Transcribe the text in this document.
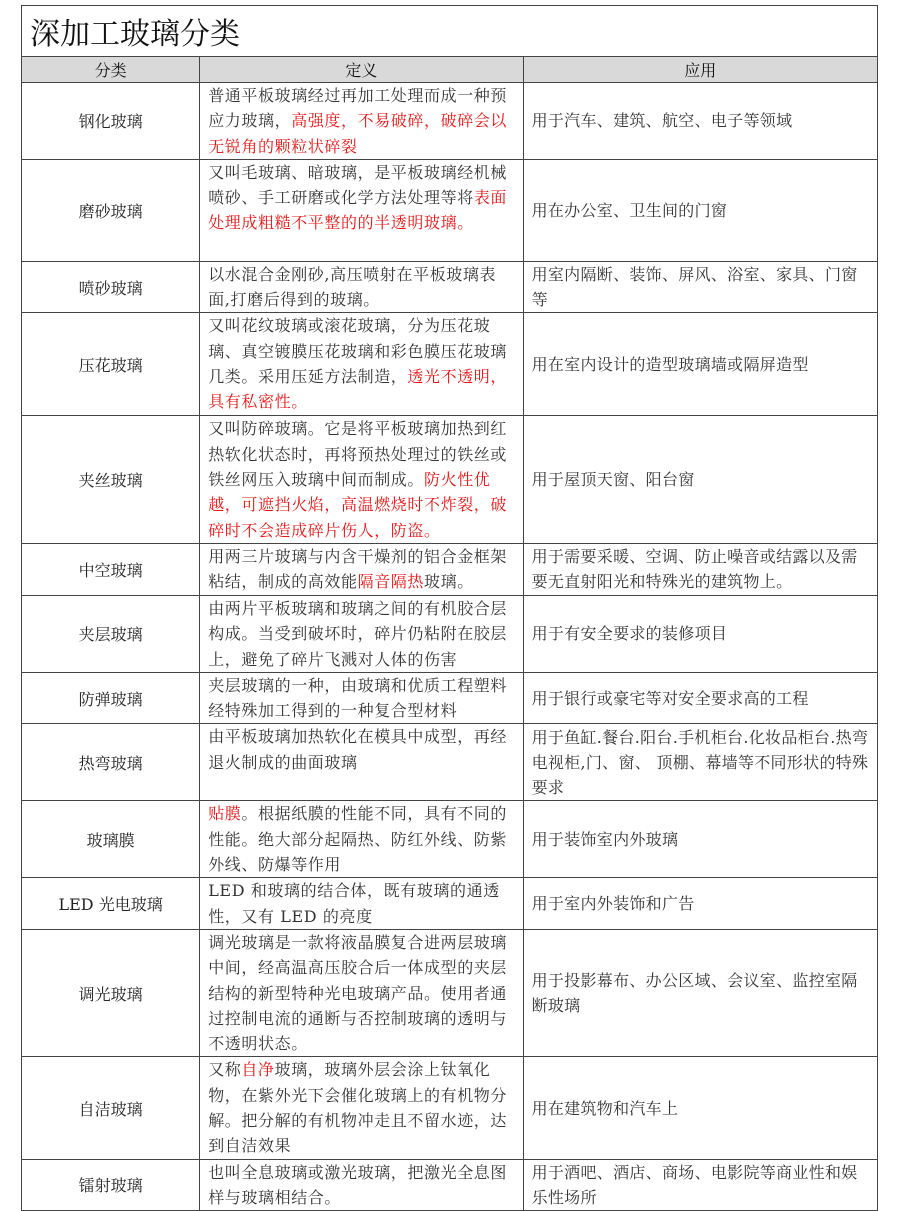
深加工玻璃分类		
分类	定义	应用
钢化玻璃	普通平板玻璃经过再加工处理而成一种预应力玻璃，高强度，不易破碎，破碎会以无锐角的颗粒状碎裂	用于汽车、建筑、航空、电子等领域
磨砂玻璃	又叫毛玻璃、暗玻璃，是平板玻璃经机械喷砂、手工研磨或化学方法处理等将表面处理成粗糙不平整的的半透明玻璃。	用在办公室、卫生间的门窗
喷砂玻璃	以水混合金刚砂,高压喷射在平板玻璃表面,打磨后得到的玻璃。	用室内隔断、装饰、屏风、浴室、家具、门窗等
压花玻璃	又叫花纹玻璃或滚花玻璃，分为压花玻璃、真空镀膜压花玻璃和彩色膜压花玻璃几类。采用压延方法制造，透光不透明，具有私密性。	用在室内设计的造型玻璃墙或隔屏造型
夹丝玻璃	又叫防碎玻璃。它是将平板玻璃加热到红热软化状态时，再将预热处理过的铁丝或铁丝网压入玻璃中间而制成。防火性优越，可遮挡火焰，高温燃烧时不炸裂，破碎时不会造成碎片伤人，防盗。	用于屋顶天窗、阳台窗
中空玻璃	用两三片玻璃与内含干燥剂的铝合金框架粘结，制成的高效能隔音隔热玻璃。	用于需要采暖、空调、防止噪音或结露以及需要无直射阳光和特殊光的建筑物上。
夹层玻璃	由两片平板玻璃和玻璃之间的有机胶合层构成。当受到破坏时，碎片仍粘附在胶层上，避免了碎片飞溅对人体的伤害	用于有安全要求的装修项目
防弹玻璃	夹层玻璃的一种，由玻璃和优质工程塑料经特殊加工得到的一种复合型材料	用于银行或豪宅等对安全要求高的工程
热弯玻璃	由平板玻璃加热软化在模具中成型，再经退火制成的曲面玻璃	用于鱼缸.餐台.阳台.手机柜台.化妆品柜台.热弯电视柜,门、窗、 顶棚、幕墙等不同形状的特殊要求
玻璃膜	贴膜。根据纸膜的性能不同，具有不同的性能。绝大部分起隔热、防红外线、防紫外线、防爆等作用	用于装饰室内外玻璃
LED 光电玻璃	LED 和玻璃的结合体，既有玻璃的通透性，又有 LED 的亮度	用于室内外装饰和广告
调光玻璃	调光玻璃是一款将液晶膜复合进两层玻璃中间，经高温高压胶合后一体成型的夹层结构的新型特种光电玻璃产品。使用者通过控制电流的通断与否控制玻璃的透明与不透明状态。	用于投影幕布、办公区域、会议室、监控室隔断玻璃
自洁玻璃	又称自净玻璃，玻璃外层会涂上钛氧化物，在紫外光下会催化玻璃上的有机物分解。把分解的有机物冲走且不留水迹，达到自洁效果	用在建筑物和汽车上
镭射玻璃	也叫全息玻璃或激光玻璃，把激光全息图样与玻璃相结合。	用于酒吧、酒店、商场、电影院等商业性和娱乐性场所
